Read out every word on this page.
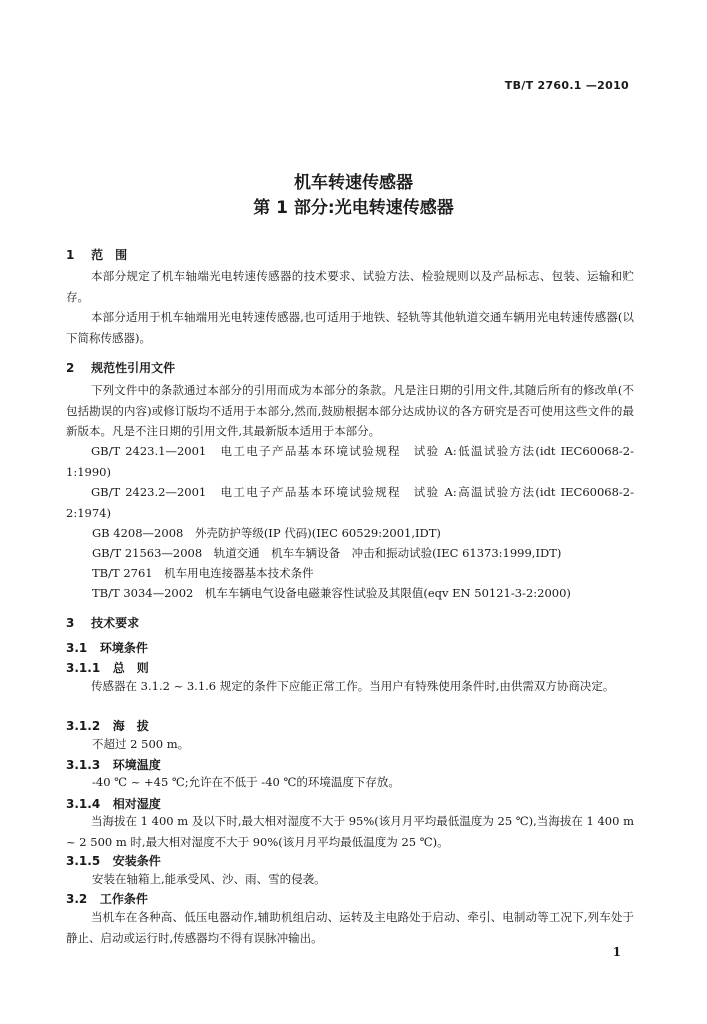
TB/T 2760.1 —2010
机车转速传感器
第 1 部分:光电转速传感器
1 范　围
本部分规定了机车轴端光电转速传感器的技术要求、试验方法、检验规则以及产品标志、包装、运输和贮存。
本部分适用于机车轴端用光电转速传感器,也可适用于地铁、轻轨等其他轨道交通车辆用光电转速传感器(以下简称传感器)。
2 规范性引用文件
下列文件中的条款通过本部分的引用而成为本部分的条款。凡是注日期的引用文件,其随后所有的修改单(不包括勘误的内容)或修订版均不适用于本部分,然而,鼓励根据本部分达成协议的各方研究是否可使用这些文件的最新版本。凡是不注日期的引用文件,其最新版本适用于本部分。
GB/T 2423.1—2001　电工电子产品基本环境试验规程　试验 A:低温试验方法(idt IEC60068-2-1:1990)
GB/T 2423.2—2001　电工电子产品基本环境试验规程　试验 A:高温试验方法(idt IEC60068-2-2:1974)
GB 4208—2008　外壳防护等级(IP 代码)(IEC 60529:2001,IDT)
GB/T 21563—2008　轨道交通　机车车辆设备　冲击和振动试验(IEC 61373:1999,IDT)
TB/T 2761　机车用电连接器基本技术条件
TB/T 3034—2002　机车车辆电气设备电磁兼容性试验及其限值(eqv EN 50121-3-2:2000)
3 技术要求
3.1 环境条件
3.1.1 总　则
传感器在 3.1.2 ~ 3.1.6 规定的条件下应能正常工作。当用户有特殊使用条件时,由供需双方协商决定。
3.1.2 海　拔
不超过 2 500 m。
3.1.3 环境温度
-40 ℃ ~ +45 ℃;允许在不低于 -40 ℃的环境温度下存放。
3.1.4 相对湿度
当海拔在 1 400 m 及以下时,最大相对湿度不大于 95%(该月月平均最低温度为 25 ℃),当海拔在 1 400 m ~ 2 500 m 时,最大相对湿度不大于 90%(该月月平均最低温度为 25 ℃)。
3.1.5 安装条件
安装在轴箱上,能承受风、沙、雨、雪的侵袭。
3.2 工作条件
当机车在各种高、低压电器动作,辅助机组启动、运转及主电路处于启动、牵引、电制动等工况下,列车处于静止、启动或运行时,传感器均不得有误脉冲输出。
1
